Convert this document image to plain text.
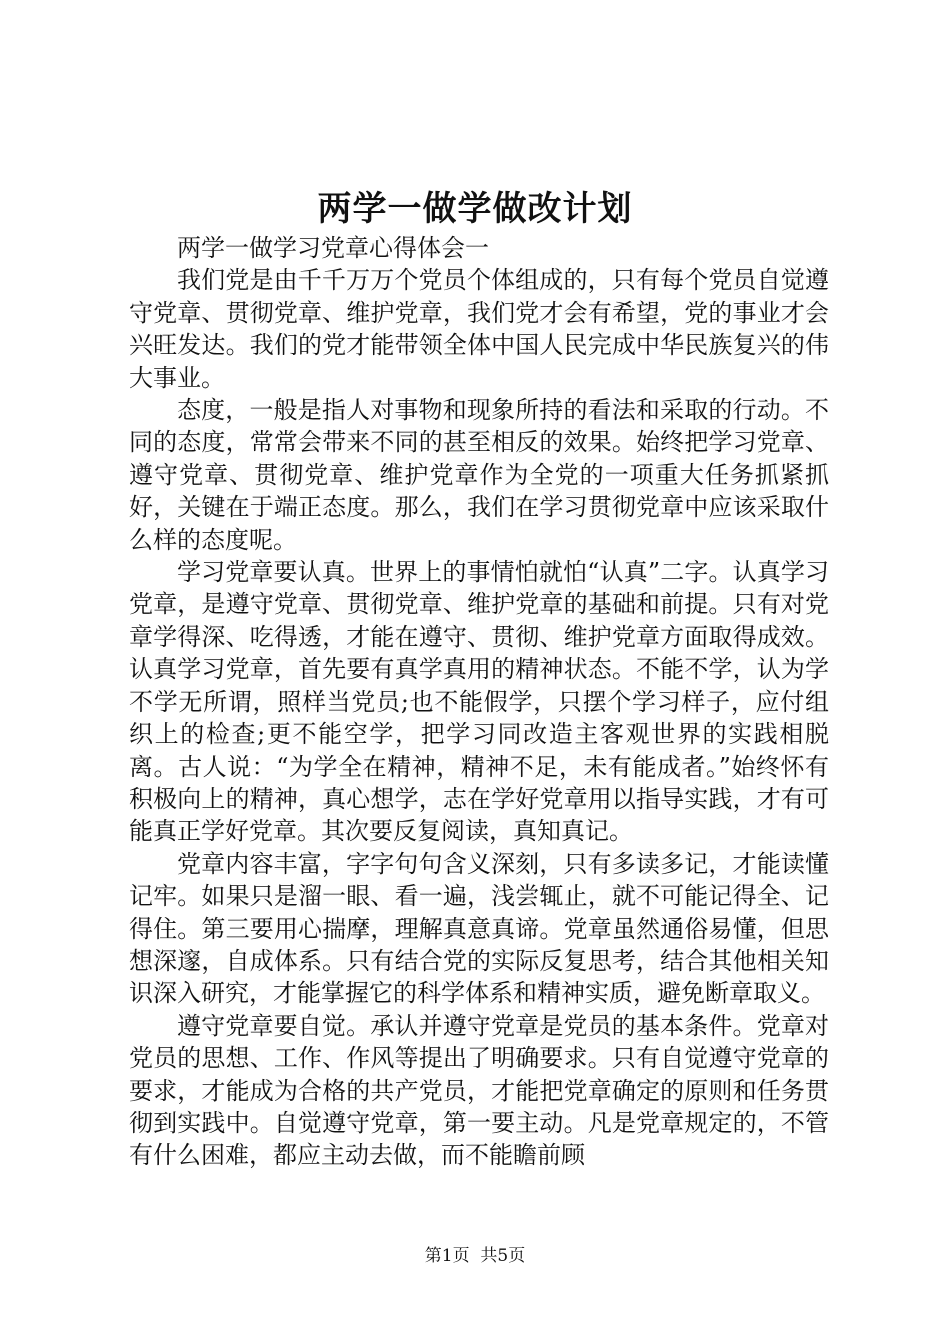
两学一做学做改计划

两学一做学习党章心得体会一

我们党是由千千万万个党员个体组成的，只有每个党员自觉遵守党章、贯彻党章、维护党章，我们党才会有希望，党的事业才会兴旺发达。我们的党才能带领全体中国人民完成中华民族复兴的伟大事业。

态度，一般是指人对事物和现象所持的看法和采取的行动。不同的态度，常常会带来不同的甚至相反的效果。始终把学习党章、遵守党章、贯彻党章、维护党章作为全党的一项重大任务抓紧抓好，关键在于端正态度。那么，我们在学习贯彻党章中应该采取什么样的态度呢。

学习党章要认真。世界上的事情怕就怕“认真”二字。认真学习党章，是遵守党章、贯彻党章、维护党章的基础和前提。只有对党章学得深、吃得透，才能在遵守、贯彻、维护党章方面取得成效。认真学习党章，首先要有真学真用的精神状态。不能不学，认为学不学无所谓，照样当党员;也不能假学，只摆个学习样子，应付组织上的检查;更不能空学，把学习同改造主客观世界的实践相脱离。古人说：“为学全在精神，精神不足，未有能成者。”始终怀有积极向上的精神，真心想学，志在学好党章用以指导实践，才有可能真正学好党章。其次要反复阅读，真知真记。

党章内容丰富，字字句句含义深刻，只有多读多记，才能读懂记牢。如果只是溜一眼、看一遍，浅尝辄止，就不可能记得全、记得住。第三要用心揣摩，理解真意真谛。党章虽然通俗易懂，但思想深邃，自成体系。只有结合党的实际反复思考，结合其他相关知识深入研究，才能掌握它的科学体系和精神实质，避免断章取义。

遵守党章要自觉。承认并遵守党章是党员的基本条件。党章对党员的思想、工作、作风等提出了明确要求。只有自觉遵守党章的要求，才能成为合格的共产党员，才能把党章确定的原则和任务贯彻到实践中。自觉遵守党章，第一要主动。凡是党章规定的，不管有什么困难，都应主动去做，而不能瞻前顾

第1页  共5页
